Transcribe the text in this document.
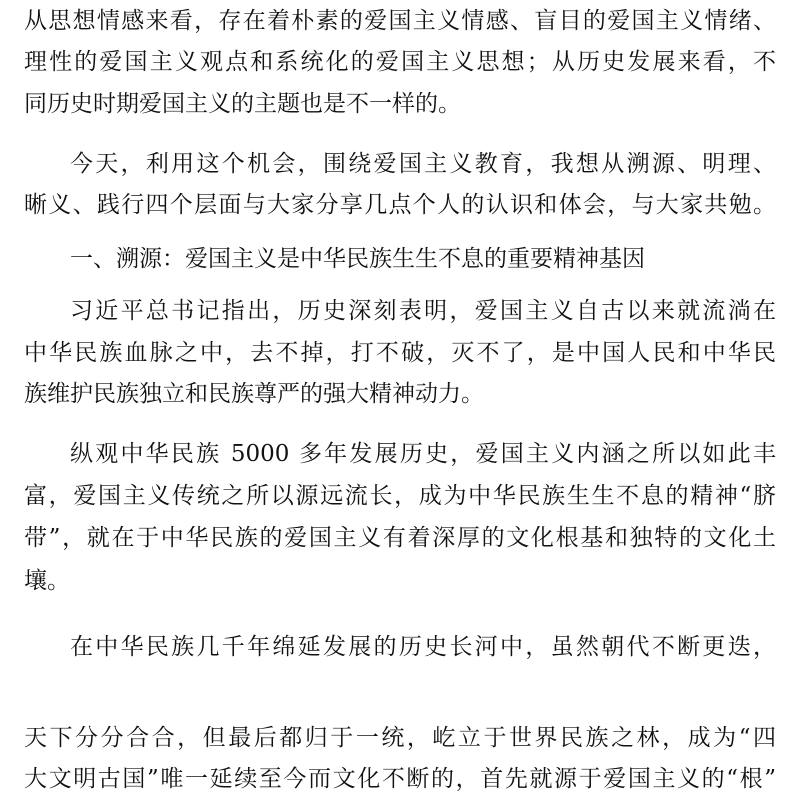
从思想情感来看，存在着朴素的爱国主义情感、盲目的爱国主义情绪、
理性的爱国主义观点和系统化的爱国主义思想；从历史发展来看，不
同历史时期爱国主义的主题也是不一样的。
今天，利用这个机会，围绕爱国主义教育，我想从溯源、明理、
晰义、践行四个层面与大家分享几点个人的认识和体会，与大家共勉。
一、溯源：爱国主义是中华民族生生不息的重要精神基因
习近平总书记指出，历史深刻表明，爱国主义自古以来就流淌在
中华民族血脉之中，去不掉，打不破，灭不了，是中国人民和中华民
族维护民族独立和民族尊严的强大精神动力。
纵观中华民族 5000 多年发展历史，爱国主义内涵之所以如此丰
富，爱国主义传统之所以源远流长，成为中华民族生生不息的精神“脐
带”，就在于中华民族的爱国主义有着深厚的文化根基和独特的文化土
壤。
在中华民族几千年绵延发展的历史长河中，虽然朝代不断更迭，
天下分分合合，但最后都归于一统，屹立于世界民族之林，成为“四
大文明古国”唯一延续至今而文化不断的，首先就源于爱国主义的“根”
